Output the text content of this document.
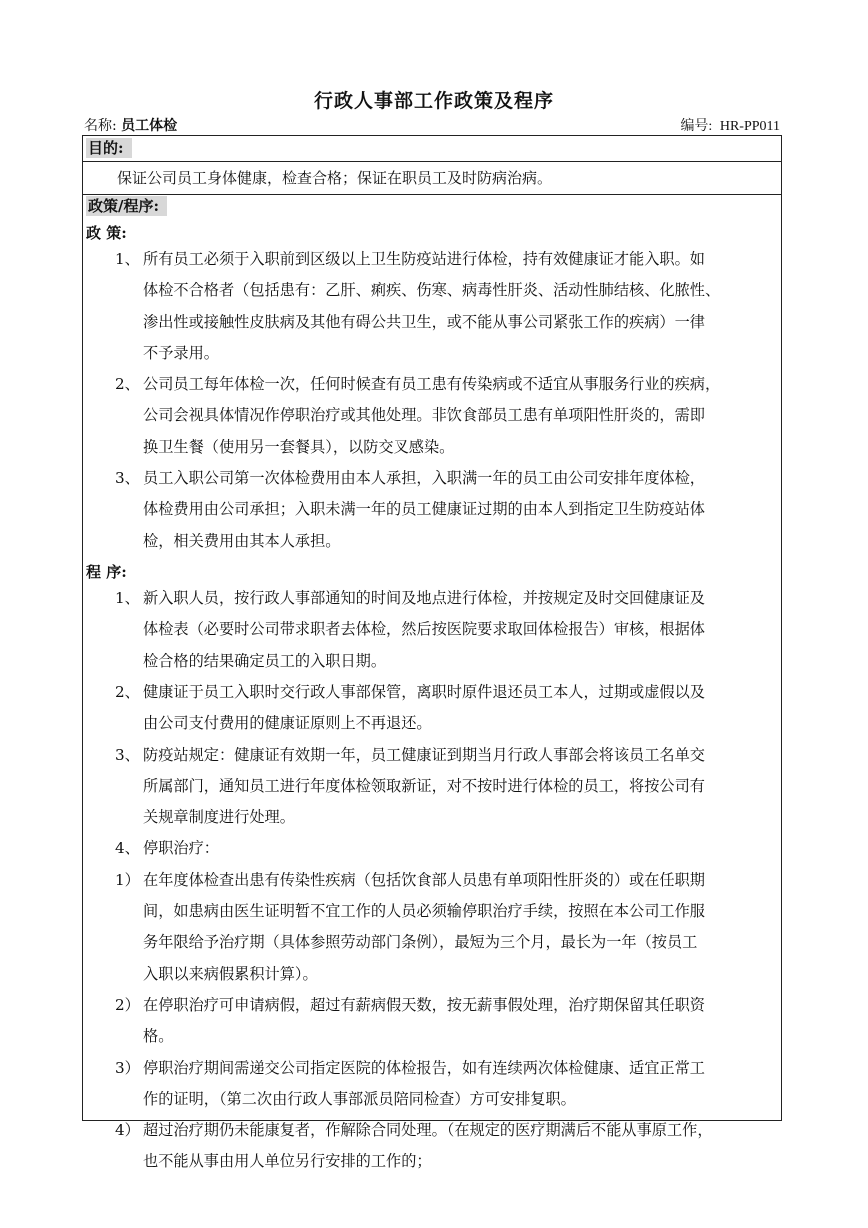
行政人事部工作政策及程序
名称: 员工体检	编号: HR-PP011
目的:
保证公司员工身体健康，检查合格；保证在职员工及时防病治病。
政策/程序:
政 策:
1、 所有员工必须于入职前到区级以上卫生防疫站进行体检，持有效健康证才能入职。如
体检不合格者（包括患有：乙肝、痢疾、伤寒、病毒性肝炎、活动性肺结核、化脓性、
渗出性或接触性皮肤病及其他有碍公共卫生，或不能从事公司紧张工作的疾病）一律
不予录用。
2、 公司员工每年体检一次，任何时候查有员工患有传染病或不适宜从事服务行业的疾病，
公司会视具体情况作停职治疗或其他处理。非饮食部员工患有单项阳性肝炎的，需即
换卫生餐（使用另一套餐具），以防交叉感染。
3、 员工入职公司第一次体检费用由本人承担，入职满一年的员工由公司安排年度体检，
体检费用由公司承担；入职未满一年的员工健康证过期的由本人到指定卫生防疫站体
检，相关费用由其本人承担。
程 序:
1、 新入职人员，按行政人事部通知的时间及地点进行体检，并按规定及时交回健康证及
体检表（必要时公司带求职者去体检，然后按医院要求取回体检报告）审核，根据体
检合格的结果确定员工的入职日期。
2、 健康证于员工入职时交行政人事部保管，离职时原件退还员工本人，过期或虚假以及
由公司支付费用的健康证原则上不再退还。
3、 防疫站规定：健康证有效期一年，员工健康证到期当月行政人事部会将该员工名单交
所属部门，通知员工进行年度体检领取新证，对不按时进行体检的员工，将按公司有
关规章制度进行处理。
4、 停职治疗：
1） 在年度体检查出患有传染性疾病（包括饮食部人员患有单项阳性肝炎的）或在任职期
间，如患病由医生证明暂不宜工作的人员必须输停职治疗手续，按照在本公司工作服
务年限给予治疗期（具体参照劳动部门条例），最短为三个月，最长为一年（按员工
入职以来病假累积计算）。
2） 在停职治疗可申请病假，超过有薪病假天数，按无薪事假处理，治疗期保留其任职资
格。
3） 停职治疗期间需递交公司指定医院的体检报告，如有连续两次体检健康、适宜正常工
作的证明，（第二次由行政人事部派员陪同检查）方可安排复职。
4） 超过治疗期仍未能康复者，作解除合同处理。（在规定的医疗期满后不能从事原工作，
也不能从事由用人单位另行安排的工作的；
